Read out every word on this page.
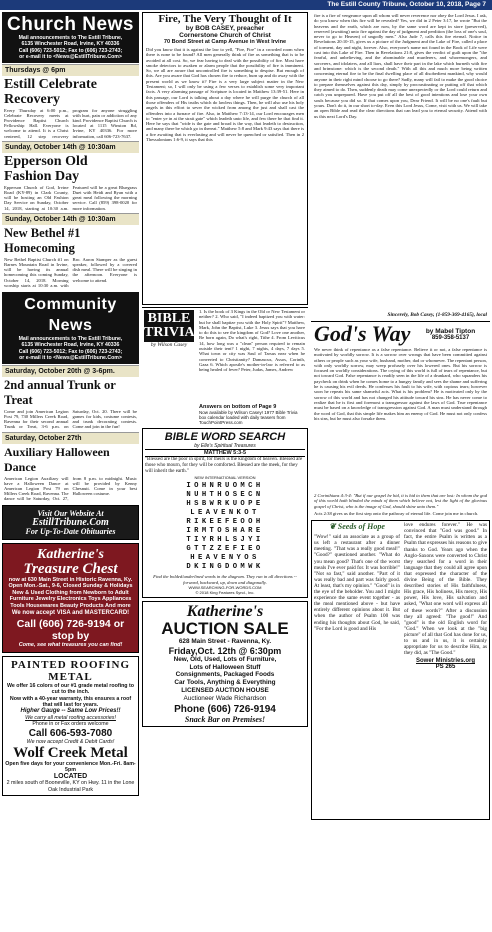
The Estill County Tribune, October 10, 2018, Page 7
Church News
Mail announcements to The Estill Tribune,
6135 Winchester Road, Irvine, KY 40336
Call (606) 723-5012; Fax to (606) 723-2743;
or e-mail it to <News@EstillTribune.Com>
Thursdays @ 6pm
Estill Celebrate Recovery
Every Thursday at 6:00 p.m., Celebrate Recovery meets at Providence Baptist Church Fellowship Hall. Everyone is welcome to attend. It is a Christ centered, 12 step recovery program for anyone struggling with hurt, pain or addiction of any kind. Providence Baptist Church is located at 1115 Winston Rd, Irvine, KY 40336. For more information, call 606-723-7637.
Sunday, October 14th @ 10:30am
Epperson Old Fashion Day
Epperson Church of God, Irvine Road (KY-89) in Clark County, will be hosting an Old Fashion Day Service on Sunday, October 14, 2018, starting at 10:30 a.m. Featured will be a great Bluegrass Duet with Heidi and Ryan with a great meal following the morning service. Call (859) 398-0020 for more information.
Sunday, October 14th @ 10:30am
New Bethel #1 Homecoming
New Bethel Baptist Church #1 on Barnes Mountain Road in Irvine, will be having its annual homecoming this coming Sunday, October 14, 2018. Morning worship starts at 10:30 a.m. with Bro. Aaron Stamper as the guest speaker, followed by a covered dish meal. There will be singing in the afternoon. Everyone is welcome to attend.
Community News
Mail announcements to The Estill Tribune,
6135 Winchester Road, Irvine, KY 40336
Call (606) 723-5012; Fax to (606) 723-2743;
or e-mail it to <News@EstillTribune.Com>
Saturday, October 20th @ 3-6pm.
2nd annual Trunk or Treat
Come and join American Legion Post 79, 730 Millers Creek Road, Ravenna for their second annual Trunk or Treat, 3-6 p.m. on Saturday, Oct. 20. There will be games for kids, costume contests, and trunk decorating contests. Come and join in the fun!
Saturday, October 27th
Auxiliary Halloween Dance
American Legion Auxiliary will have a Halloween Dance at American Legion Post 79 on Millers Creek Road, Ravenna. The dance will be Saturday, Oct. 27, from 8 p.m. to midnight. Music will be provided by Kenny Chesnutt. Come in your best Halloween costume.
Visit Our Website At
EstillTribune.Com
For Up-To-Date Obituaries
Katherine's
Treasure Chest
now at 630 Main Street in Historic Ravenna, Ky.
Open Mon.-Sat., 9-6, Closed Sunday & Holidays
New & Used Clothing from Newborn to Adult
Furniture Jewelry Electronics Toys Appliances
Tools Housewares Beauty Products And more
We now accept VISA and MASTERCARD!
Call (606) 726-9194 or stop by
Come, see what treasures you can find!
PAINTED ROOFING METAL
We offer 16 colors of our #1 grade metal roofing to cut to the inch.
Now with a 40-year warranty, this ensures a roof that will last for years.
Higher Gauge -- Same Low Prices!!
We carry all metal roofing accessories!
Phone in or Fax orders welcome
Call 606-593-7080
We now accept Credit & Debit Cards!
Wolf Creek Metal
Open five days for your convenience Mon.-Fri. 8am-5pm
LOCATED
2 miles south of Booneville, KY on Hwy. 11 in the Lone Oak Industrial Park
Fire, The Very Thought of It
by BOB CASEY, preacher
Cornerstone Church of Christ
70 Bond Street at Camp Avenue in West Irvine
Did you know that it is against the law to yell, "Fire, Fire" in a crowded room when there is none to be found? All men generally think of fire as something that is to be avoided at all cost. So, we fear having to deal with the possibility of fire. Most have smoke detectors to awaken or alarm people that the possibility of fire is imminent. So, we all are aware that uncontrolled fire is something to despise. But enough of this. Are you aware that God has chosen fire to reduce, burn up and do away with the present world as we know it? Fire is a very large subject matter in the New Testament; so, I will only be using a few verses to establish some very important facts. A very alarming passage of Scripture is located in Matthew 13:39-51. Here in this passage, our Lord is talking about a day where he will purge the church of all those offenders of His truths which do lawless things. Then, he will also use his holy angels in this effort to sever the wicked from among the just and shall cast the offenders into a furnace of fire. Also, in Matthew 7:13-14, our Lord encourages men to "enter ye in at the strait gate" which leadeth unto life, and few there be that find it. Here he says that "wide is the gate and broad is the way, that leadeth to destruction, and many there be which go in thereat." Matthew 5:8 and Mark 9:43 says that there is a fire awaiting that is everlasting and will never be quenched or satisfied. Then in 2 Thessalonians 1:6-9, it says that this
BIBLE TRIVIA
by Wilson Casey
1. Is the book of 3 Kings in the Old or New Testament or neither? 2. Who said, "I indeed baptized you with water: but he shall baptize you with the Holy Spirit"? Matthew, Mark, John the Baptist, Luke 3. Jesus says that you have to do this to see the kingdom of God? Love one another, Be born again, Do what's right, Tithe 4. From Leviticus 14, how long was a "clean" person required to remain outside their tent? 1 night, 7 nights, 4 days, 7 days 5. What town or city was Saul of Tarsus near when he converted to Christianity? Damascus, Assos, Corinth, Gaza 6. Which apostle's mother-in-law is referred to as being healed of fever? Peter, Judas, James, Andrew
Answers on bottom of Page 9
Now available by Wilson Casey! 1977 Bible Trivia box calendar loaded with daily teasers from TouchPointPress.com
BIBLE WORD SEARCH
by Elle's Spiritual Treasures
MATTHEW 5:3-5
"Blessed are the poor in spirit, for theirs is the kingdom of heaven. Blessed are those who mourn, for they will be comforted. Blessed are the meek, for they will inherit the earth."
NEW INTERNATIONAL VERSION
IOHNRUOMCH
NUHTHOSECN
HSBWRKUOPE
LEAVENKOT
RIKEEFEOOH
IRMTOSHARE
TIYRHLSJYI
GTTZZEFIEO
HEAVENYOS
DKINGDOMWK
Find the bolded/underlined words in the diagram. They run in all directions -- forward, backward, up, down and diagonally.
WWW.SEARCHING-FOR-WORDS.COM
© 2018 King Features Synd., Inc.
Katherine's
AUCTION SALE
628 Main Street - Ravenna, Ky.
Friday,Oct. 12th @ 6:30pm
New, Old, Used, Lots of Furniture,
Lots of Halloween Stuff
Consignments, Packaged Foods
Car Tools, Anything & Everything
LICENSED AUCTION HOUSE
Auctioneer Wade Richardson
Phone (606) 726-9194
Snack Bar on Premises!
fire is a fire of vengeance upon all whom will never reverence nor obey the Lord Jesus. I ask, do you know when this fire will be revealed? Yes, we did in 2 Peter 3:17, he wrote "But the heavens and the earth, which are now, by the same word are kept in store (preserved), reserved (awaiting) unto fire against the day of judgment and perdition (the loss of one's soul, never to go to Heaven) of ungodly men." Also Jude 7, calls this fire eternal. Notice in Revelations 20:10-15, gives us a picture of the Judgment and the Lake of Fire, called a place of torment, day and night, forever. Also, everyone's name not found in the Book of Life were cast into this Lake of Fire. Then in Revelations 21:8, gives the verdict of guilt upon the "the fearful, and unbelieving, and the abominable and murderers, and whoremongers, and sorcerers, and idolaters, and all liars, shall have their part in the lake which burneth with fire and brimstone: which is the second death." With all this and much more being written concerning eternal fire to be the final dwelling place of all disobedient mankind, why would anyone in their right mind choose to go there? Sadly, many will fail to make the good choice to prepare themselves against this day, simply by procrastinating or putting off that which they aimed to do. Then, suddenly death may come unexpectedly or the Lord could return and catch you unprepared. Have you put off all the best of good intentions and lose your own souls because you did so. If that comes upon you, Dear Friend. It will be no one's fault but yours. Don't do it, in our short to-day. Even this Lord Jesus, Come, visit with us. We will take an open Bible and read the clear directions that can lead you to eternal security. Attend with us this next Lord's Day.
Sincerely, Bob Casey, (1-859-369-4165), local
God's Way	by Mabel Tipton
859-358-5137
We never think of repentance as a false repentance. Believe it or not, a false repentance is motivated by worldly sorrow. It is a sorrow over wrongs that have been committed against others or people such as your wife, husband, mother, dad or whomever. The repentant person, with only worldly sorrow, may weep profusely over his lowered ones. But his sorrow is focused on worldly considerations. The crying of this world is full of tears of repentance, but not toward God. False repentance is readily seen in the life of a drunkard, who squanders his paycheck on drink when he comes home to a hungry family and sees the shame and suffering he is causing his evil deeds. He confesses his fault to his wife, with copious tears; however soon he repeats his same shameful acts. What is his problem? He is motivated only by the sorrow of this world and has not changed his attitude toward his sins. He has never come to realize that he is first and foremost a transgressor against the laws of God. True repentance must be based on a knowledge of transgression against God. A man must understand through the word of God, that this simple life makes him an enemy of God. He must not only confess his sins, but he must also forsake them.
2 Corinthians 4:3-4: "But if our gospel be hid, it is hid to them that are lost: In whom the god of this world hath blinded the minds of them which believe not, lest the light of the glorious gospel of Christ, who is the image of God, should shine unto them."
Acts 2:38 gives us the first step onto the pathway of eternal life. Come join me in church.
❦ Seeds of Hope
"Wow!" said an associate as a group of us left a restaurant after a dinner meeting. "That was a really good meal!" "Good?" questioned another. "What do you mean good? That's one of the worst meals I've ever paid for. It was horrible!" "Not so fast," said another. "Part of it was really bad and part was fairly good. At least, that's my opinion." "Good" is in the eye of the beholder. You and I might experience the same event together - as the meal mentioned above - but have entirely different opinions about it. But when the author of Psalm 100 was ending his thoughts about God, he said, "For the Lord is good and His
love endures forever." He was convinced that "God was good." In fact, the entire Psalm is written as a Psalm that expresses his reasons to give thanks to God. Years ago when the Anglo-Saxons were converted to Christ they searched for a word in their language that they could all agree upon that expressed the character of the divine Being of the Bible. They described stories of His faithfulness, His grace, His holiness, His mercy, His power, His love, His salvation and asked, "What one word will express all of these words?" After a discussion they all agreed: "The good!" And "good" is the old English word for "God." When we look at the "big picture" of all that God has done for us, to us and in us, it is certainly appropriate for us to describe Him, as they did, as "The Good."
Sower Ministries.org
PS 265
